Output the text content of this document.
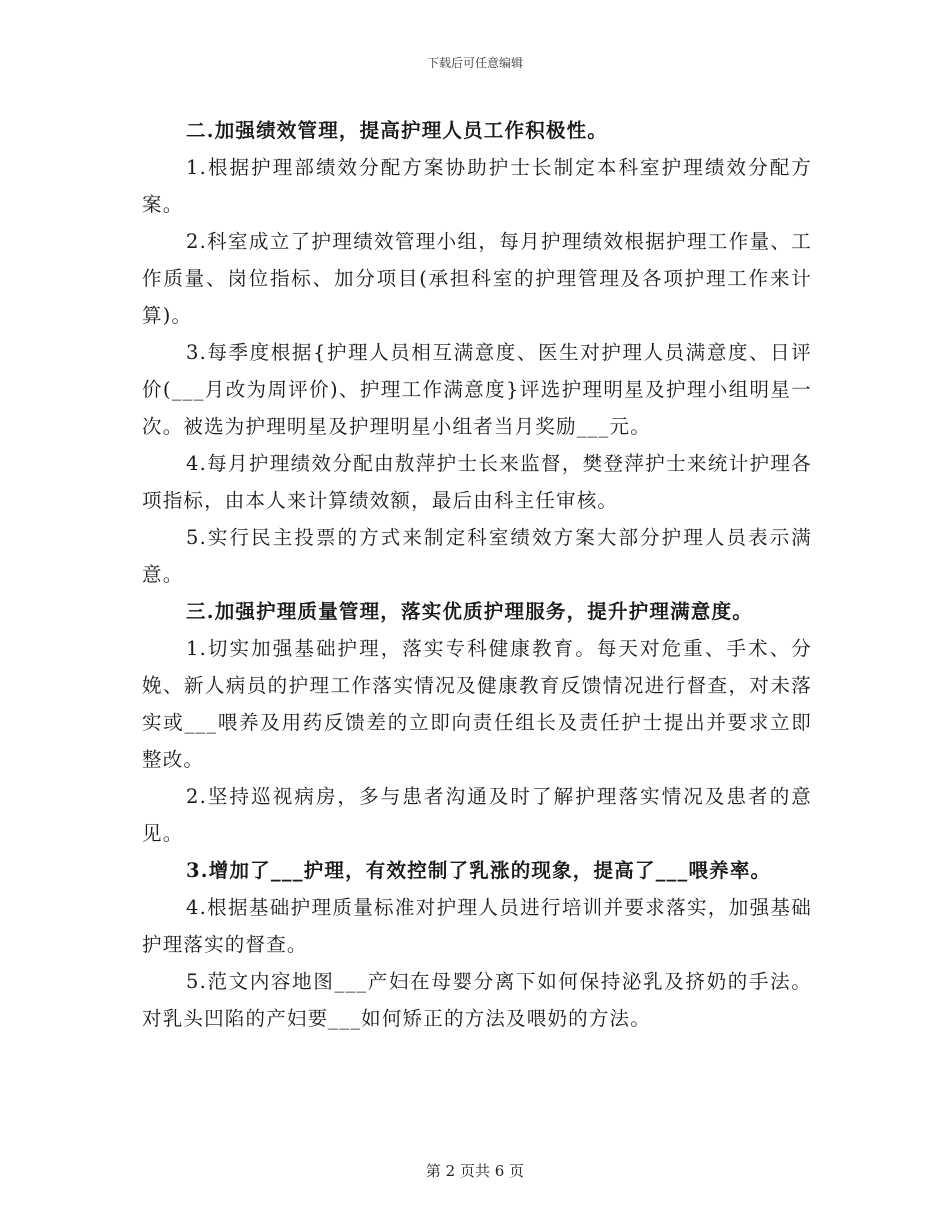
下载后可任意编辑

二.加强绩效管理，提高护理人员工作积极性。

1.根据护理部绩效分配方案协助护士长制定本科室护理绩效分配方案。

2.科室成立了护理绩效管理小组，每月护理绩效根据护理工作量、工作质量、岗位指标、加分项目(承担科室的护理管理及各项护理工作来计算)。

3.每季度根据{护理人员相互满意度、医生对护理人员满意度、日评价(___月改为周评价)、护理工作满意度}评选护理明星及护理小组明星一次。被选为护理明星及护理明星小组者当月奖励___元。

4.每月护理绩效分配由敖萍护士长来监督，樊登萍护士来统计护理各项指标，由本人来计算绩效额，最后由科主任审核。

5.实行民主投票的方式来制定科室绩效方案大部分护理人员表示满意。

三.加强护理质量管理，落实优质护理服务，提升护理满意度。

1.切实加强基础护理，落实专科健康教育。每天对危重、手术、分娩、新人病员的护理工作落实情况及健康教育反馈情况进行督查，对未落实或___喂养及用药反馈差的立即向责任组长及责任护士提出并要求立即整改。

2.坚持巡视病房，多与患者沟通及时了解护理落实情况及患者的意见。

3.增加了___护理，有效控制了乳涨的现象，提高了___喂养率。

4.根据基础护理质量标准对护理人员进行培训并要求落实，加强基础护理落实的督查。

5.范文内容地图___产妇在母婴分离下如何保持泌乳及挤奶的手法。对乳头凹陷的产妇要___如何矫正的方法及喂奶的方法。

第 2 页共 6 页
